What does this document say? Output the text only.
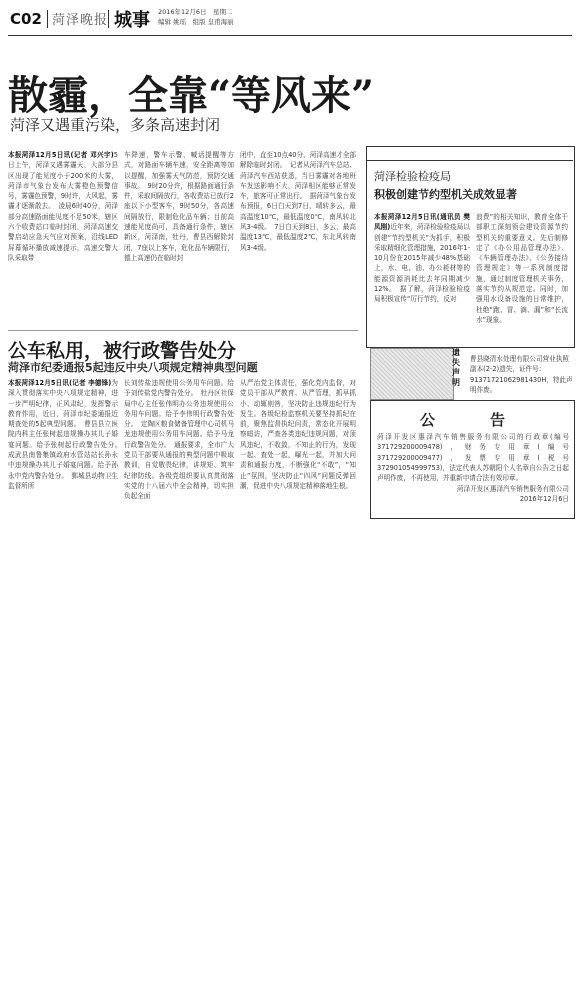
C02 菏泽晚报 城事 2016年12月6日　星期二
编辑 姚瑶　组版 皇甫海丽
散霾，全靠“等风来”
菏泽又遇重污染，多条高速封闭
本报菏泽12月5日讯(记者 邓兴宇)5日上午，菏泽又遇雾霾天，大部分县区出现了能见度小于200米的大雾，菏泽市气象台发布大雾橙色预警信号，雾霾色预警，9时许，大风起，雾霾才逐渐散去。　凌晨6时40分，菏泽部分高速路面能见度不足50米，辖区六个收费站口临时封闭，菏泽高速交警启动应急天气应对预案，沿线LED屏幕循环播放减速提示，高速交警大队采取带
车降速，警车示警，喊话提醒等方式，对路面车辆车速，安全距离等加以提醒，加强雾天气防范，预防交通事故。　9时20分许，根据路面通行条件，采取间隔放行，各收费站已放行2座以下小型客车，9时50分，各高速间隔放行，限制危化品车辆；目前高速能见度尚可，具备通行条件，辖区新区，菏泽南，牡丹，曹县西解除封闭，7座以上客车，危化品车辆限行，德上高速仍在临时封
闭中，直至10点40分，菏泽高速才全部解除临时封闭。　记者从菏泽汽车总站、菏泽汽车西站获悉，当日雾霾对各地班车发送影响不大，菏泽相区能够正常发车，旅客可正常出行。　据菏泽气象台发布预报，6日白天到7日，晴转多云，最高温度10℃，最低温度0℃，南风转北风3-4级。　7日白天到8日，多云，最高温度13℃，最低温度2℃，东北风转南风3-4级。
菏泽检验检疫局
积极创建节约型机关成效显著
本报菏泽12月5日讯(通讯员 樊凤刚)近年来，菏泽检验检疫局以创建“节约型机关”为抓手，积极采取精细化管理措施，2016年1-10月份在2015年减少48%基础上，水、电、油、办公耗材等的能源资源消耗比去年同期减少12%。　据了解，菏泽检验检疫局积极宣传“厉行节约，反对
浪费”的相关知识，教育全体干部职工深刻领会建设资源节约型机关的重要意义。先后制修定了《办公用品管理办法》、《车辆管理办法》、《公务接待管理规定》等一系列制度措施，通过制度管理机关事务，落实节约从规范定。同时，加强用水设备设施的日常维护，杜绝“跑、冒、滴、漏”和“长流水”现象。
公车私用，被行政警告处分
菏泽市纪委通报5起违反中央八项规定精神典型问题
本报菏泽12月5日讯(记者 李德锋)为深入贯彻落实中央八项规定精神，进一步严明纪律，正风肃纪，发挥警示教育作用，近日，菏泽市纪委通报近期查处的5起典型问题。　曹县县立医院内科主任张树起违规操办其儿子婚宴问题。给予张树起行政警告处分。　成武县南鲁集镇政府水管站站长孙永中违规操办其儿子婚宴问题。给予孙永中党内警告处分。　鄄城县动物卫生监督所所
长刘传盐违规使用公务用车问题。给予刘传盐党内警告处分。　牡丹区社保局中心主任张伟明办公务违规使用公务用车问题。给予李伟明行政警告处分。　定陶区粮食储备管理中心司机马龙违规使用公务用车问题。给予马龙行政警告处分。　通报要求，全市广大党员干部要从通报的典型问题中吸取教训，自觉敬畏纪律，讲规矩、筑牢纪律防线。各级党组织要认真贯彻落实党的十八届六中全会精神，切实担负起全面
从严治党主体责任，强化党内监督，对党员干部从严教育、从严管理，抓早抓小、动辄则咎，坚决防止违规违纪行为发生。各级纪检监察机关要坚持抓纪在前，聚焦监督执纪问责，常态化开展明察暗访，严查各类违纪违规问题，对顶风违纪，不收敛，不知止的行为，发现一起、查处一起，曝光一起，并加大问责和通报力度，不断强化“不敢”，“知止”氛围，坚决防止“四风”问题反弹回潮，促进中央八项规定精神落地生根。
遗失声明
曹县晓清水处理有限公司营业执照副本(2-2)遗失，证件号：91371721062981430H，特此声明作废。
公　告
菏泽开发区惠泽汽车销售服务有限公司的行政章(编号371729200009478)，财务专用章(编号371729200009477)，发票专用章(税号372901054999753)，法定代表人苏朝阳个人名章自公告之日起声明作废，不再使用，并重新申请合法有效印章。
菏泽开发区惠泽汽车销售服务有限公司
2016年12月6日
